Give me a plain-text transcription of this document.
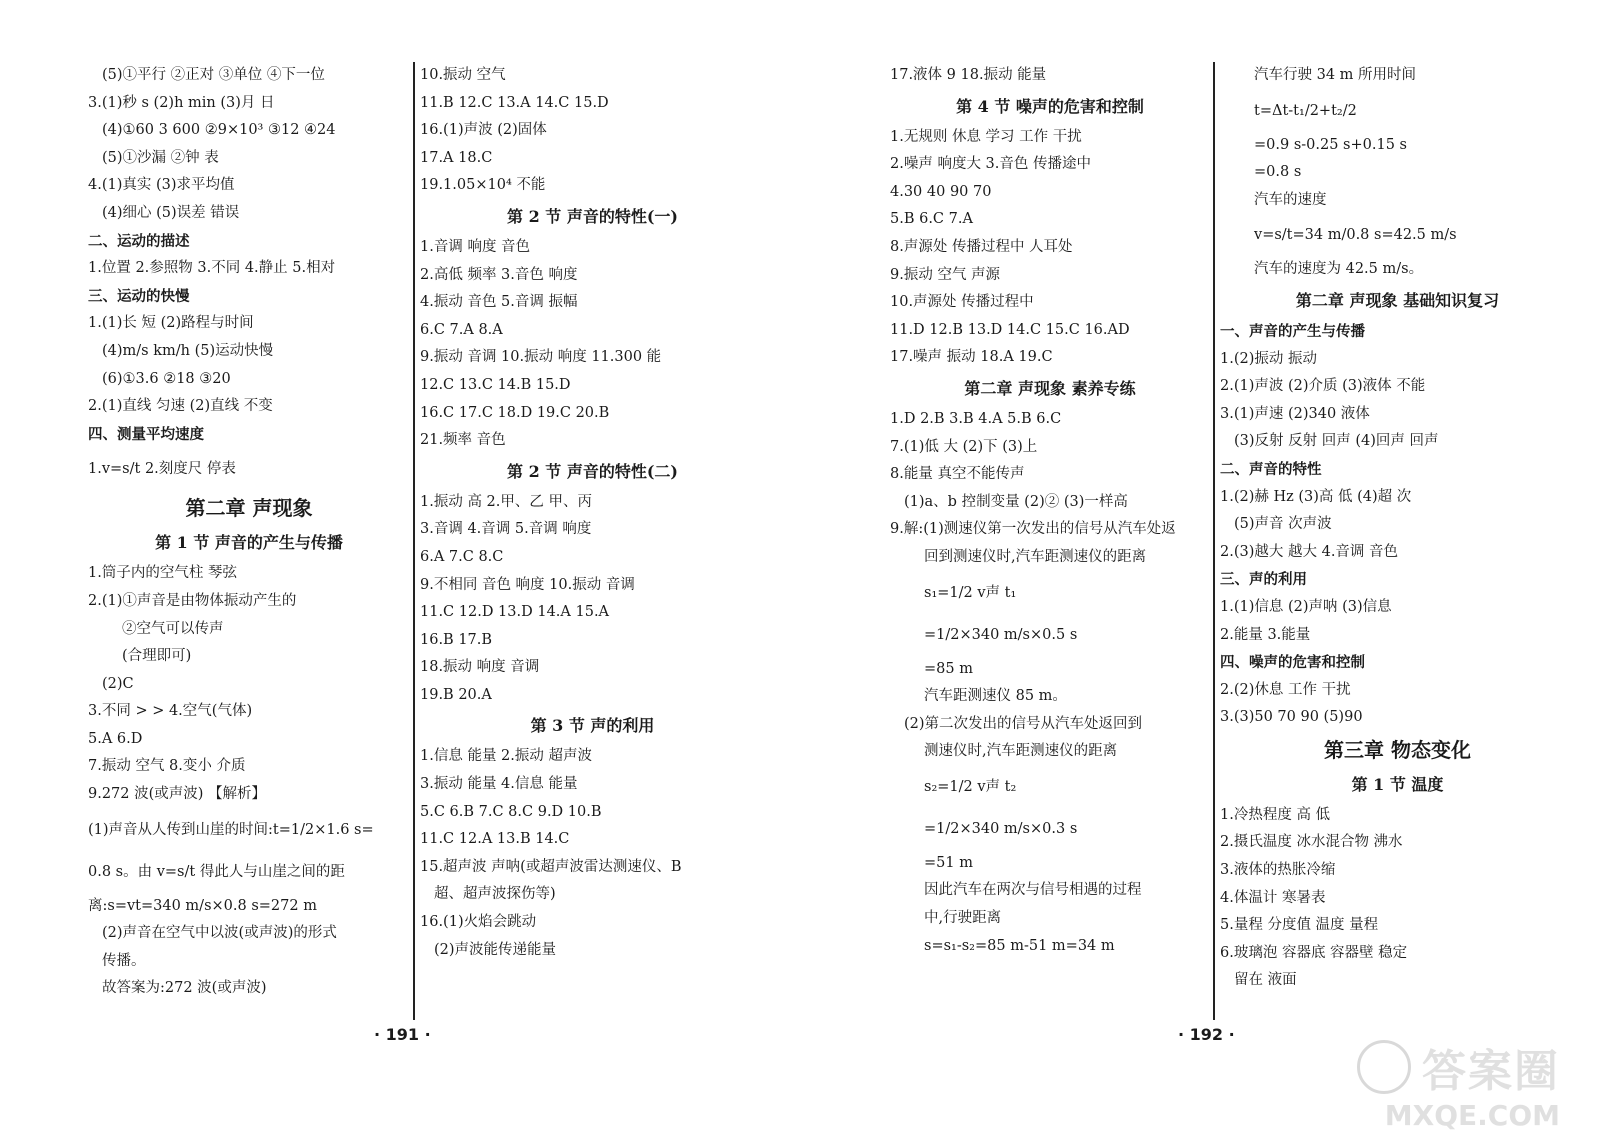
(5)①平行 ②正对 ③单位 ④下一位
3.(1)秒 s (2)h min (3)月 日
(4)①60 3 600 ②9×10³ ③12 ④24
(5)①沙漏 ②钟 表
4.(1)真实 (3)求平均值
(4)细心 (5)误差 错误
二、运动的描述
1.位置 2.参照物 3.不同 4.静止 5.相对
三、运动的快慢
1.(1)长 短 (2)路程与时间
(4)m/s km/h (5)运动快慢
(6)①3.6 ②18 ③20
2.(1)直线 匀速 (2)直线 不变
四、测量平均速度
1.v=s/t 2.刻度尺 停表
第二章 声现象
第 1 节 声音的产生与传播
1.筒子内的空气柱 琴弦
2.(1)①声音是由物体振动产生的
②空气可以传声
(合理即可)
(2)C
3.不同 > > 4.空气(气体)
5.A 6.D
7.振动 空气 8.变小 介质
9.272 波(或声波) 【解析】
(1)声音从人传到山崖的时间:t=1/2×1.6 s=
0.8 s。由 v=s/t 得此人与山崖之间的距
离:s=vt=340 m/s×0.8 s=272 m
(2)声音在空气中以波(或声波)的形式
传播。
故答案为:272 波(或声波)
10.振动 空气
11.B 12.C 13.A 14.C 15.D
16.(1)声波 (2)固体
17.A 18.C
19.1.05×10⁴ 不能
第 2 节 声音的特性(一)
1.音调 响度 音色
2.高低 频率 3.音色 响度
4.振动 音色 5.音调 振幅
6.C 7.A 8.A
9.振动 音调 10.振动 响度 11.300 能
12.C 13.C 14.B 15.D
16.C 17.C 18.D 19.C 20.B
21.频率 音色
第 2 节 声音的特性(二)
1.振动 高 2.甲、乙 甲、丙
3.音调 4.音调 5.音调 响度
6.A 7.C 8.C
9.不相同 音色 响度 10.振动 音调
11.C 12.D 13.D 14.A 15.A
16.B 17.B
18.振动 响度 音调
19.B 20.A
第 3 节 声的利用
1.信息 能量 2.振动 超声波
3.振动 能量 4.信息 能量
5.C 6.B 7.C 8.C 9.D 10.B
11.C 12.A 13.B 14.C
15.超声波 声呐(或超声波雷达测速仪、B
超、超声波探伤等)
16.(1)火焰会跳动
(2)声波能传递能量
· 191 ·
17.液体 9 18.振动 能量
第 4 节 噪声的危害和控制
1.无规则 休息 学习 工作 干扰
2.噪声 响度大 3.音色 传播途中
4.30 40 90 70
5.B 6.C 7.A
8.声源处 传播过程中 人耳处
9.振动 空气 声源
10.声源处 传播过程中
11.D 12.B 13.D 14.C 15.C 16.AD
17.噪声 振动 18.A 19.C
第二章 声现象 素养专练
1.D 2.B 3.B 4.A 5.B 6.C
7.(1)低 大 (2)下 (3)上
8.能量 真空不能传声
(1)a、b 控制变量 (2)② (3)一样高
9.解:(1)测速仪第一次发出的信号从汽车处返
回到测速仪时,汽车距测速仪的距离
s₁=1/2 v声 t₁
=1/2×340 m/s×0.5 s
=85 m
汽车距测速仪 85 m。
(2)第二次发出的信号从汽车处返回到
测速仪时,汽车距测速仪的距离
s₂=1/2 v声 t₂
=1/2×340 m/s×0.3 s
=51 m
因此汽车在两次与信号相遇的过程
中,行驶距离
s=s₁-s₂=85 m-51 m=34 m
汽车行驶 34 m 所用时间
t=Δt-t₁/2+t₂/2
=0.9 s-0.25 s+0.15 s
=0.8 s
汽车的速度
v=s/t=34 m/0.8 s=42.5 m/s
汽车的速度为 42.5 m/s。
第二章 声现象 基础知识复习
一、声音的产生与传播
1.(2)振动 振动
2.(1)声波 (2)介质 (3)液体 不能
3.(1)声速 (2)340 液体
(3)反射 反射 回声 (4)回声 回声
二、声音的特性
1.(2)赫 Hz (3)高 低 (4)超 次
(5)声音 次声波
2.(3)越大 越大 4.音调 音色
三、声的利用
1.(1)信息 (2)声呐 (3)信息
2.能量 3.能量
四、噪声的危害和控制
2.(2)休息 工作 干扰
3.(3)50 70 90 (5)90
第三章 物态变化
第 1 节 温度
1.冷热程度 高 低
2.摄氏温度 冰水混合物 沸水
3.液体的热胀冷缩
4.体温计 寒暑表
5.量程 分度值 温度 量程
6.玻璃泡 容器底 容器壁 稳定
留在 液面
· 192 ·
答案圈
MXQE.COM
